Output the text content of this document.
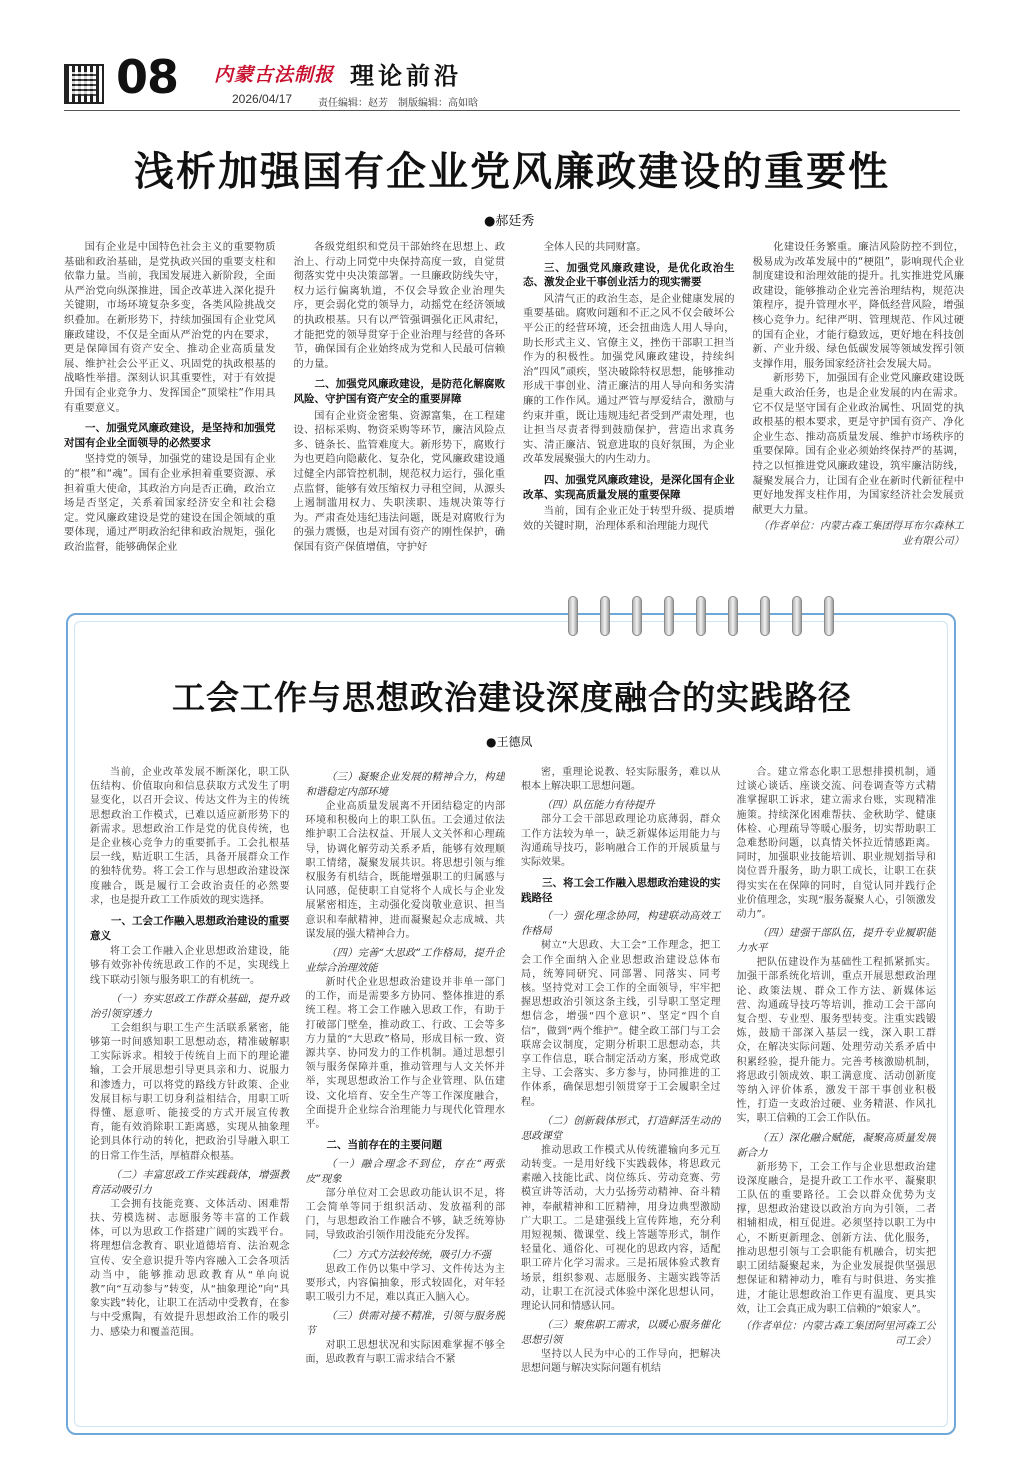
08 内蒙古法制报
2026/04/17
理论前沿
责任编辑：赵芳　制版编辑：高如晗
浅析加强国有企业党风廉政建设的重要性
●郝廷秀

国有企业是中国特色社会主义的重要物质基础和政治基础，是党执政兴国的重要支柱和依靠力量。当前，我国发展进入新阶段，全面从严治党向纵深推进，国企改革进入深化提升关键期，市场环境复杂多变，各类风险挑战交织叠加。在新形势下，持续加强国有企业党风廉政建设，不仅是全面从严治党的内在要求，更是保障国有资产安全、推动企业高质量发展、维护社会公平正义、巩固党的执政根基的战略性举措。深刻认识其重要性，对于有效提升国有企业竞争力、发挥国企“顶梁柱”作用具有重要意义。

一、加强党风廉政建设，是坚持和加强党对国有企业全面领导的必然要求

坚持党的领导，加强党的建设是国有企业的“根”和“魂”。国有企业承担着重要资源、承担着重大使命，其政治方向是否正确，政治立场是否坚定，关系着国家经济安全和社会稳定。党风廉政建设是党的建设在国企领域的重要体现，通过严明政治纪律和政治规矩，强化政治监督，能够确保企业

各级党组织和党员干部始终在思想上、政治上、行动上同党中央保持高度一致，自觉贯彻落实党中央决策部署。一旦廉政防线失守，权力运行偏离轨道，不仅会导致企业治理失序，更会弱化党的领导力，动摇党在经济领域的执政根基。只有以严管强调强化正风肃纪，才能把党的领导贯穿于企业治理与经营的各环节，确保国有企业始终成为党和人民最可信赖的力量。

二、加强党风廉政建设，是防范化解腐败风险、守护国有资产安全的重要屏障

国有企业资金密集、资源富集，在工程建设、招标采购、物资采购等环节，廉洁风险点多、链条长、监管难度大。新形势下，腐败行为也更趋向隐蔽化、复杂化，党风廉政建设通过健全内部管控机制，规范权力运行，强化重点监督，能够有效压缩权力寻租空间，从源头上遏制滥用权力、失职渎职、违规决策等行为。严肃查处违纪违法问题，既是对腐败行为的强力震慑，也是对国有资产的刚性保护，确保国有资产保值增值，守护好

全体人民的共同财富。

三、加强党风廉政建设，是优化政治生态、激发企业干事创业活力的现实需要

风清气正的政治生态，是企业健康发展的重要基础。腐败问题和不正之风不仅会破坏公平公正的经营环境，还会扭曲选人用人导向，助长形式主义、官僚主义，挫伤干部职工担当作为的积极性。加强党风廉政建设，持续纠治“四风”顽疾，坚决破除特权思想，能够推动形成干事创业、清正廉洁的用人导向和务实清廉的工作作风。通过严管与厚爱结合，激励与约束并重，既让违规违纪者受到严肃处理，也让担当尽责者得到鼓励保护，营造出求真务实、清正廉洁、锐意进取的良好氛围，为企业改革发展聚强大的内生动力。

四、加强党风廉政建设，是深化国有企业改革、实现高质量发展的重要保障

当前，国有企业正处于转型升级、提质增效的关键时期，治理体系和治理能力现代

化建设任务繁重。廉洁风险防控不到位，极易成为改革发展中的“梗阻”，影响现代企业制度建设和治理效能的提升。扎实推进党风廉政建设，能够推动企业完善治理结构，规范决策程序，提升管理水平，降低经营风险，增强核心竞争力。纪律严明、管理规范、作风过硬的国有企业，才能行稳致远，更好地在科技创新、产业升级、绿色低碳发展等领域发挥引领支撑作用，服务国家经济社会发展大局。

新形势下，加强国有企业党风廉政建设既是重大政治任务，也是企业发展的内在需求。它不仅是坚守国有企业政治属性、巩固党的执政根基的根本要求，更是守护国有资产、净化企业生态、推动高质量发展、维护市场秩序的重要保障。国有企业必须始终保持严的基调，持之以恒推进党风廉政建设，筑牢廉洁防线，凝聚发展合力，让国有企业在新时代新征程中更好地发挥支柱作用，为国家经济社会发展贡献更大力量。

（作者单位：内蒙古森工集团得耳布尔森林工业有限公司）

工会工作与思想政治建设深度融合的实践路径
●王德凤

当前，企业改革发展不断深化，职工队伍结构、价值取向和信息获取方式发生了明显变化，以召开会议、传达文件为主的传统思想政治工作模式，已难以适应新形势下的新需求。思想政治工作是党的优良传统，也是企业核心竞争力的重要抓手。工会扎根基层一线，贴近职工生活，具备开展群众工作的独特优势。将工会工作与思想政治建设深度融合，既是履行工会政治责任的必然要求，也是提升政工工作质效的现实选择。

一、工会工作融入思想政治建设的重要意义

将工会工作融入企业思想政治建设，能够有效弥补传统思政工作的不足，实现线上线下联动引领与服务职工的有机统一。

（一）夯实思政工作群众基础，提升政治引领穿透力

工会组织与职工生产生活联系紧密，能够第一时间感知职工思想动态，精准破解职工实际诉求。相较于传统自上而下的理论灌输，工会开展思想引导更具亲和力、说服力和渗透力，可以将党的路线方针政策、企业发展目标与职工切身利益相结合，用职工听得懂、愿意听、能接受的方式开展宣传教育，能有效消除职工距离感，实现从抽象理论到具体行动的转化，把政治引导融入职工的日常工作生活，厚植群众根基。

（二）丰富思政工作实践载体，增强教育活动吸引力

工会拥有技能竞赛、文体活动、困难帮扶、劳模选树、志愿服务等丰富的工作载体，可以为思政工作搭建广阔的实践平台。将理想信念教育、职业道德培育、法治观念宣传、安全意识提升等内容融入工会各项活动当中，能够推动思政教育从“单向说教”向“互动参与”转变，从“抽象理论”向“具象实践”转化，让职工在活动中受教育，在参与中受熏陶，有效提升思想政治工作的吸引力、感染力和覆盖范围。

（三）凝聚企业发展的精神合力，构建和谐稳定内部环境

企业高质量发展离不开团结稳定的内部环境和积极向上的职工队伍。工会通过依法维护职工合法权益、开展人文关怀和心理疏导，协调化解劳动关系矛盾，能够有效理顺职工情绪，凝聚发展共识。将思想引领与维权服务有机结合，既能增强职工的归属感与认同感，促使职工自觉将个人成长与企业发展紧密相连，主动强化爱岗敬业意识、担当意识和奉献精神，进而凝聚起众志成城、共谋发展的强大精神合力。

（四）完善“大思政”工作格局，提升企业综合治理效能

新时代企业思想政治建设并非单一部门的工作，而是需要多方协同、整体推进的系统工程。将工会工作融入思政工作，有助于打破部门壁垒，推动政工、行政、工会等多方力量的“大思政”格局，形成目标一致、资源共享、协同发力的工作机制。通过思想引领与服务保障并重，推动管理与人文关怀并举，实现思想政治工作与企业管理、队伍建设、文化培育、安全生产等工作深度融合，全面提升企业综合治理能力与现代化管理水平。

二、当前存在的主要问题

（一）融合理念不到位，存在“两张皮”现象

部分单位对工会思政功能认识不足，将工会简单等同于组织活动、发放福利的部门，与思想政治工作融合不够，缺乏统筹协同，导致政治引领作用没能充分发挥。

（二）方式方法较传统，吸引力不强

思政工作仍以集中学习、文件传达为主要形式，内容偏抽象，形式较固化，对年轻职工吸引力不足，难以真正入脑入心。

（三）供需对接不精准，引领与服务脱节

对职工思想状况和实际困难掌握不够全面，思政教育与职工需求结合不紧

密，重理论说教、轻实际服务，难以从根本上解决职工思想问题。

（四）队伍能力有待提升

部分工会干部思政理论功底薄弱，群众工作方法较为单一，缺乏新媒体运用能力与沟通疏导技巧，影响融合工作的开展质量与实际效果。

三、将工会工作融入思想政治建设的实践路径

（一）强化理念协同，构建联动高效工作格局

树立“大思政、大工会”工作理念，把工会工作全面纳入企业思想政治建设总体布局，统筹同研究、同部署、同落实、同考核。坚持党对工会工作的全面领导，牢牢把握思想政治引领这条主线，引导职工坚定理想信念，增强“四个意识”、坚定“四个自信”，做到“两个维护”。健全政工部门与工会联席会议制度，定期分析职工思想动态，共享工作信息，联合制定活动方案，形成党政主导、工会落实、多方参与，协同推进的工作体系，确保思想引领贯穿于工会履职全过程。

（二）创新载体形式，打造鲜活生动的思政课堂

推动思政工作模式从传统灌输向多元互动转变。一是用好线下实践载体，将思政元素融入技能比武、岗位练兵、劳动竞赛、劳模宣讲等活动，大力弘扬劳动精神、奋斗精神，奉献精神和工匠精神，用身边典型激励广大职工。二是建强线上宣传阵地，充分利用短视频、微课堂、线上答题等形式，制作轻量化、通俗化、可视化的思政内容，适配职工碎片化学习需求。三是拓展体验式教育场景，组织参观、志愿服务、主题实践等活动，让职工在沉浸式体验中深化思想认同，理论认同和情感认同。

（三）聚焦职工需求，以暖心服务催化思想引领

坚持以人民为中心的工作导向，把解决思想问题与解决实际问题有机结

合。建立常态化职工思想排摸机制，通过谈心谈话、座谈交流、问卷调查等方式精准掌握职工诉求，建立需求台账，实现精准施策。持续深化困难帮扶、金秋助学、健康体检、心理疏导等暖心服务，切实帮助职工急难愁盼问题，以真情关怀拉近情感距离。同时，加强职业技能培训、职业规划指导和岗位晋升服务，助力职工成长，让职工在获得实实在在保障的同时，自觉认同并践行企业价值理念，实现“服务凝聚人心，引领激发动力”。

（四）建强干部队伍，提升专业履职能力水平

把队伍建设作为基础性工程抓紧抓实。加强干部系统化培训，重点开展思想政治理论、政策法规、群众工作方法、新媒体运营、沟通疏导技巧等培训，推动工会干部向复合型、专业型、服务型转变。注重实践锻炼，鼓励干部深入基层一线，深入职工群众，在解决实际问题、处理劳动关系矛盾中积累经验，提升能力。完善考核激励机制，将思政引领成效、职工满意度、活动创新度等纳入评价体系，激发干部干事创业积极性，打造一支政治过硬、业务精湛、作风扎实，职工信赖的工会工作队伍。

（五）深化融合赋能，凝聚高质量发展新合力

新形势下，工会工作与企业思想政治建设深度融合，是提升政工工作水平、凝聚职工队伍的重要路径。工会以群众优势为支撑，思想政治建设以政治方向为引领，二者相辅相成，相互促进。必须坚持以职工为中心，不断更新理念、创新方法、优化服务，推动思想引领与工会职能有机融合，切实把职工团结凝聚起来，为企业发展提供坚强思想保证和精神动力，唯有与时俱进、务实推进，才能让思想政治工作更有温度、更具实效，让工会真正成为职工信赖的“娘家人”。

（作者单位：内蒙古森工集团阿里河森工公司工会）
